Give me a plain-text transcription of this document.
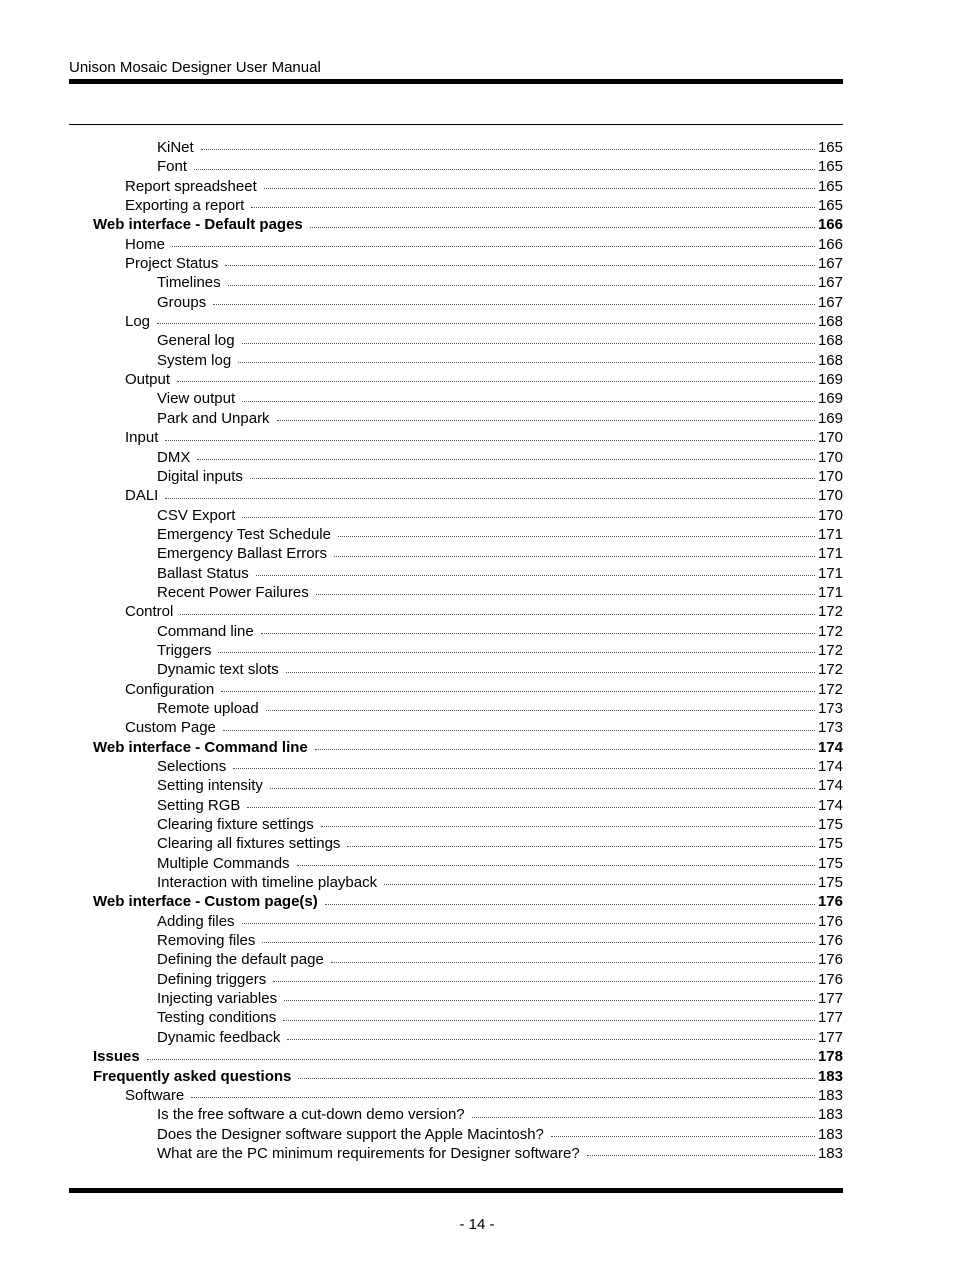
Unison Mosaic Designer User Manual
KiNet	165
Font	165
Report spreadsheet	165
Exporting a report	165
Web interface - Default pages	166
Home	166
Project Status	167
Timelines	167
Groups	167
Log	168
General log	168
System log	168
Output	169
View output	169
Park and Unpark	169
Input	170
DMX	170
Digital inputs	170
DALI	170
CSV Export	170
Emergency Test Schedule	171
Emergency Ballast Errors	171
Ballast Status	171
Recent Power Failures	171
Control	172
Command line	172
Triggers	172
Dynamic text slots	172
Configuration	172
Remote upload	173
Custom Page	173
Web interface - Command line	174
Selections	174
Setting intensity	174
Setting RGB	174
Clearing fixture settings	175
Clearing all fixtures settings	175
Multiple Commands	175
Interaction with timeline playback	175
Web interface - Custom page(s)	176
Adding files	176
Removing files	176
Defining the default page	176
Defining triggers	176
Injecting variables	177
Testing conditions	177
Dynamic feedback	177
Issues	178
Frequently asked questions	183
Software	183
Is the free software a cut-down demo version?	183
Does the Designer software support the Apple Macintosh?	183
What are the PC minimum requirements for Designer software?	183
- 14 -
